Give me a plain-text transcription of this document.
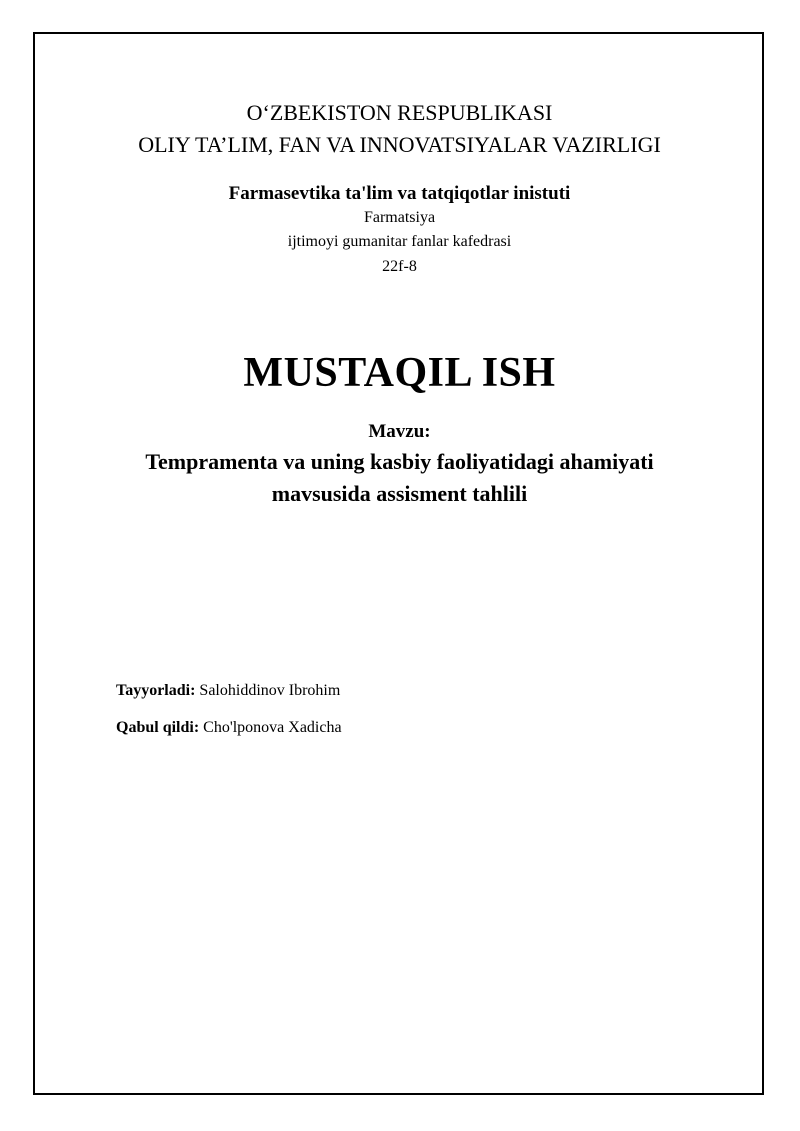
O‘ZBEKISTON RESPUBLIKASI
OLIY TA’LIM, FAN VA INNOVATSIYALAR VAZIRLIGI
Farmasevtika ta'lim va tatqiqotlar inistuti
Farmatsiya
ijtimoyi gumanitar fanlar kafedrasi
22f-8
MUSTAQIL ISH
Mavzu:
Tempramenta va uning kasbiy faoliyatidagi ahamiyati
mavsusida assisment tahlili
Tayyorladi: Salohiddinov Ibrohim
Qabul qildi: Cho'lponova Xadicha
